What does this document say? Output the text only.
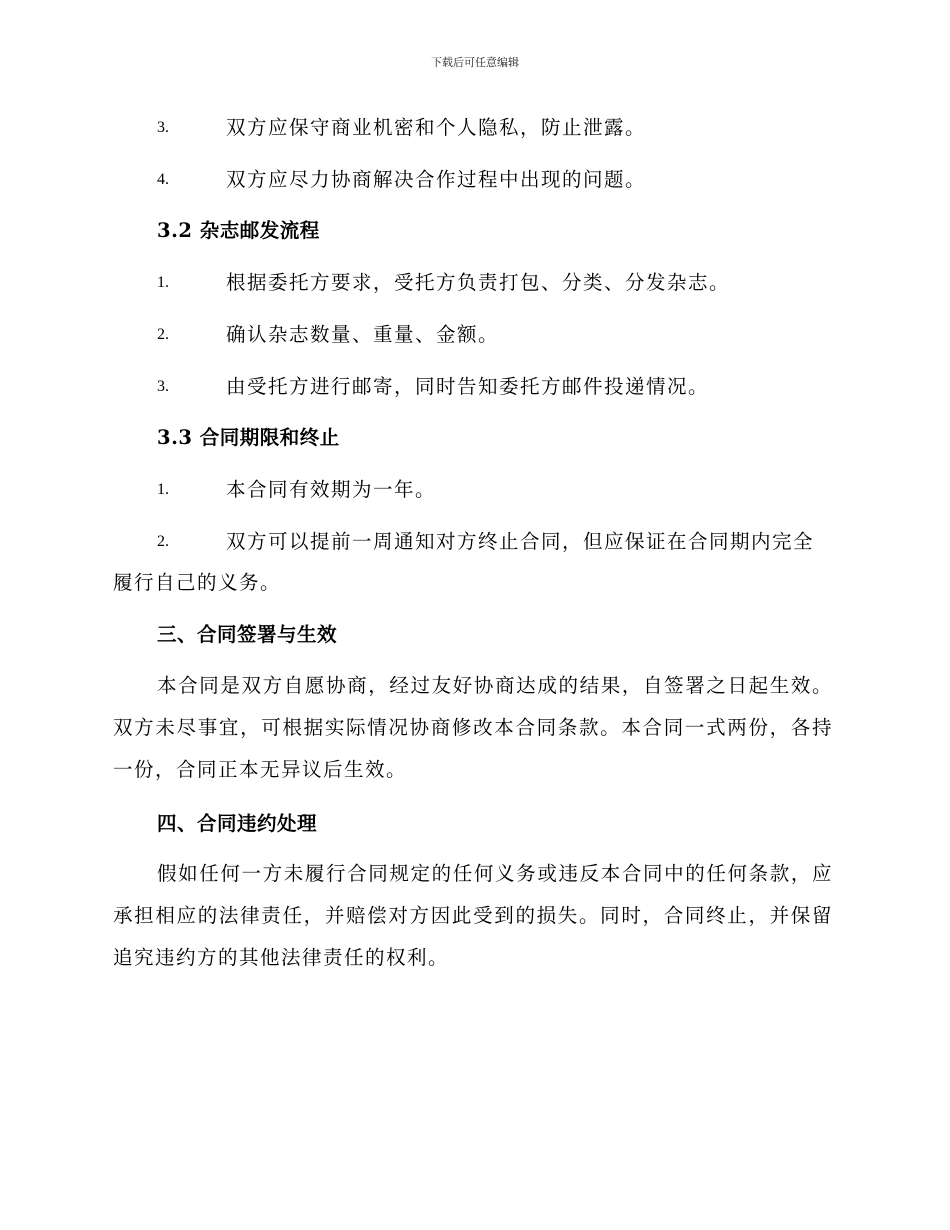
下载后可任意编辑
3.	双方应保守商业机密和个人隐私，防止泄露。
4.	双方应尽力协商解决合作过程中出现的问题。
3.2 杂志邮发流程
1.	根据委托方要求，受托方负责打包、分类、分发杂志。
2.	确认杂志数量、重量、金额。
3.	由受托方进行邮寄，同时告知委托方邮件投递情况。
3.3 合同期限和终止
1.	本合同有效期为一年。
2.	双方可以提前一周通知对方终止合同，但应保证在合同期内完全
履行自己的义务。
三、合同签署与生效
本合同是双方自愿协商，经过友好协商达成的结果，自签署之日起生效。双方未尽事宜，可根据实际情况协商修改本合同条款。本合同一式两份，各持一份，合同正本无异议后生效。
四、合同违约处理
假如任何一方未履行合同规定的任何义务或违反本合同中的任何条款，应承担相应的法律责任，并赔偿对方因此受到的损失。同时，合同终止，并保留追究违约方的其他法律责任的权利。
